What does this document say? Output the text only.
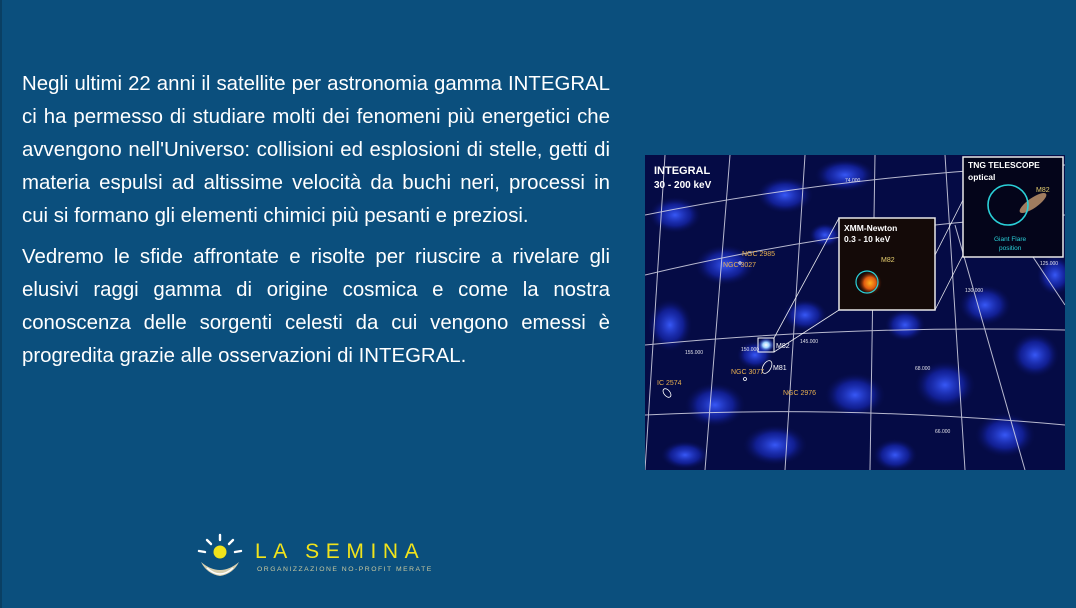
Negli ultimi 22 anni il satellite per astronomia gamma INTEGRAL ci ha permesso di studiare molti dei fenomeni più energetici che avvengono nell'Universo: collisioni ed esplosioni di stelle, getti di materia espulsi ad altissime velocità da buchi neri, processi in cui si formano gli elementi chimici più pesanti e preziosi.

Vedremo le sfide affrontate e risolte per riuscire a rivelare gli elusivi raggi gamma di origine cosmica e come la nostra conoscenza delle sorgenti celesti da cui vengono emessi è progredita grazie alle osservazioni di INTEGRAL.

INTEGRAL
30 - 200 keV
XMM-Newton
0.3 - 10 keV
M82
TNG TELESCOPE
optical
M82
Giant Flare
position
NGC 2985
NGC 3027
M82
NGC 3077
M81
IC 2574
NGC 2976
74.000
125.000
130.000
155.000	150.000
145.000
68.000
66.000
LA SEMINA
ORGANIZZAZIONE NO-PROFIT MERATE
